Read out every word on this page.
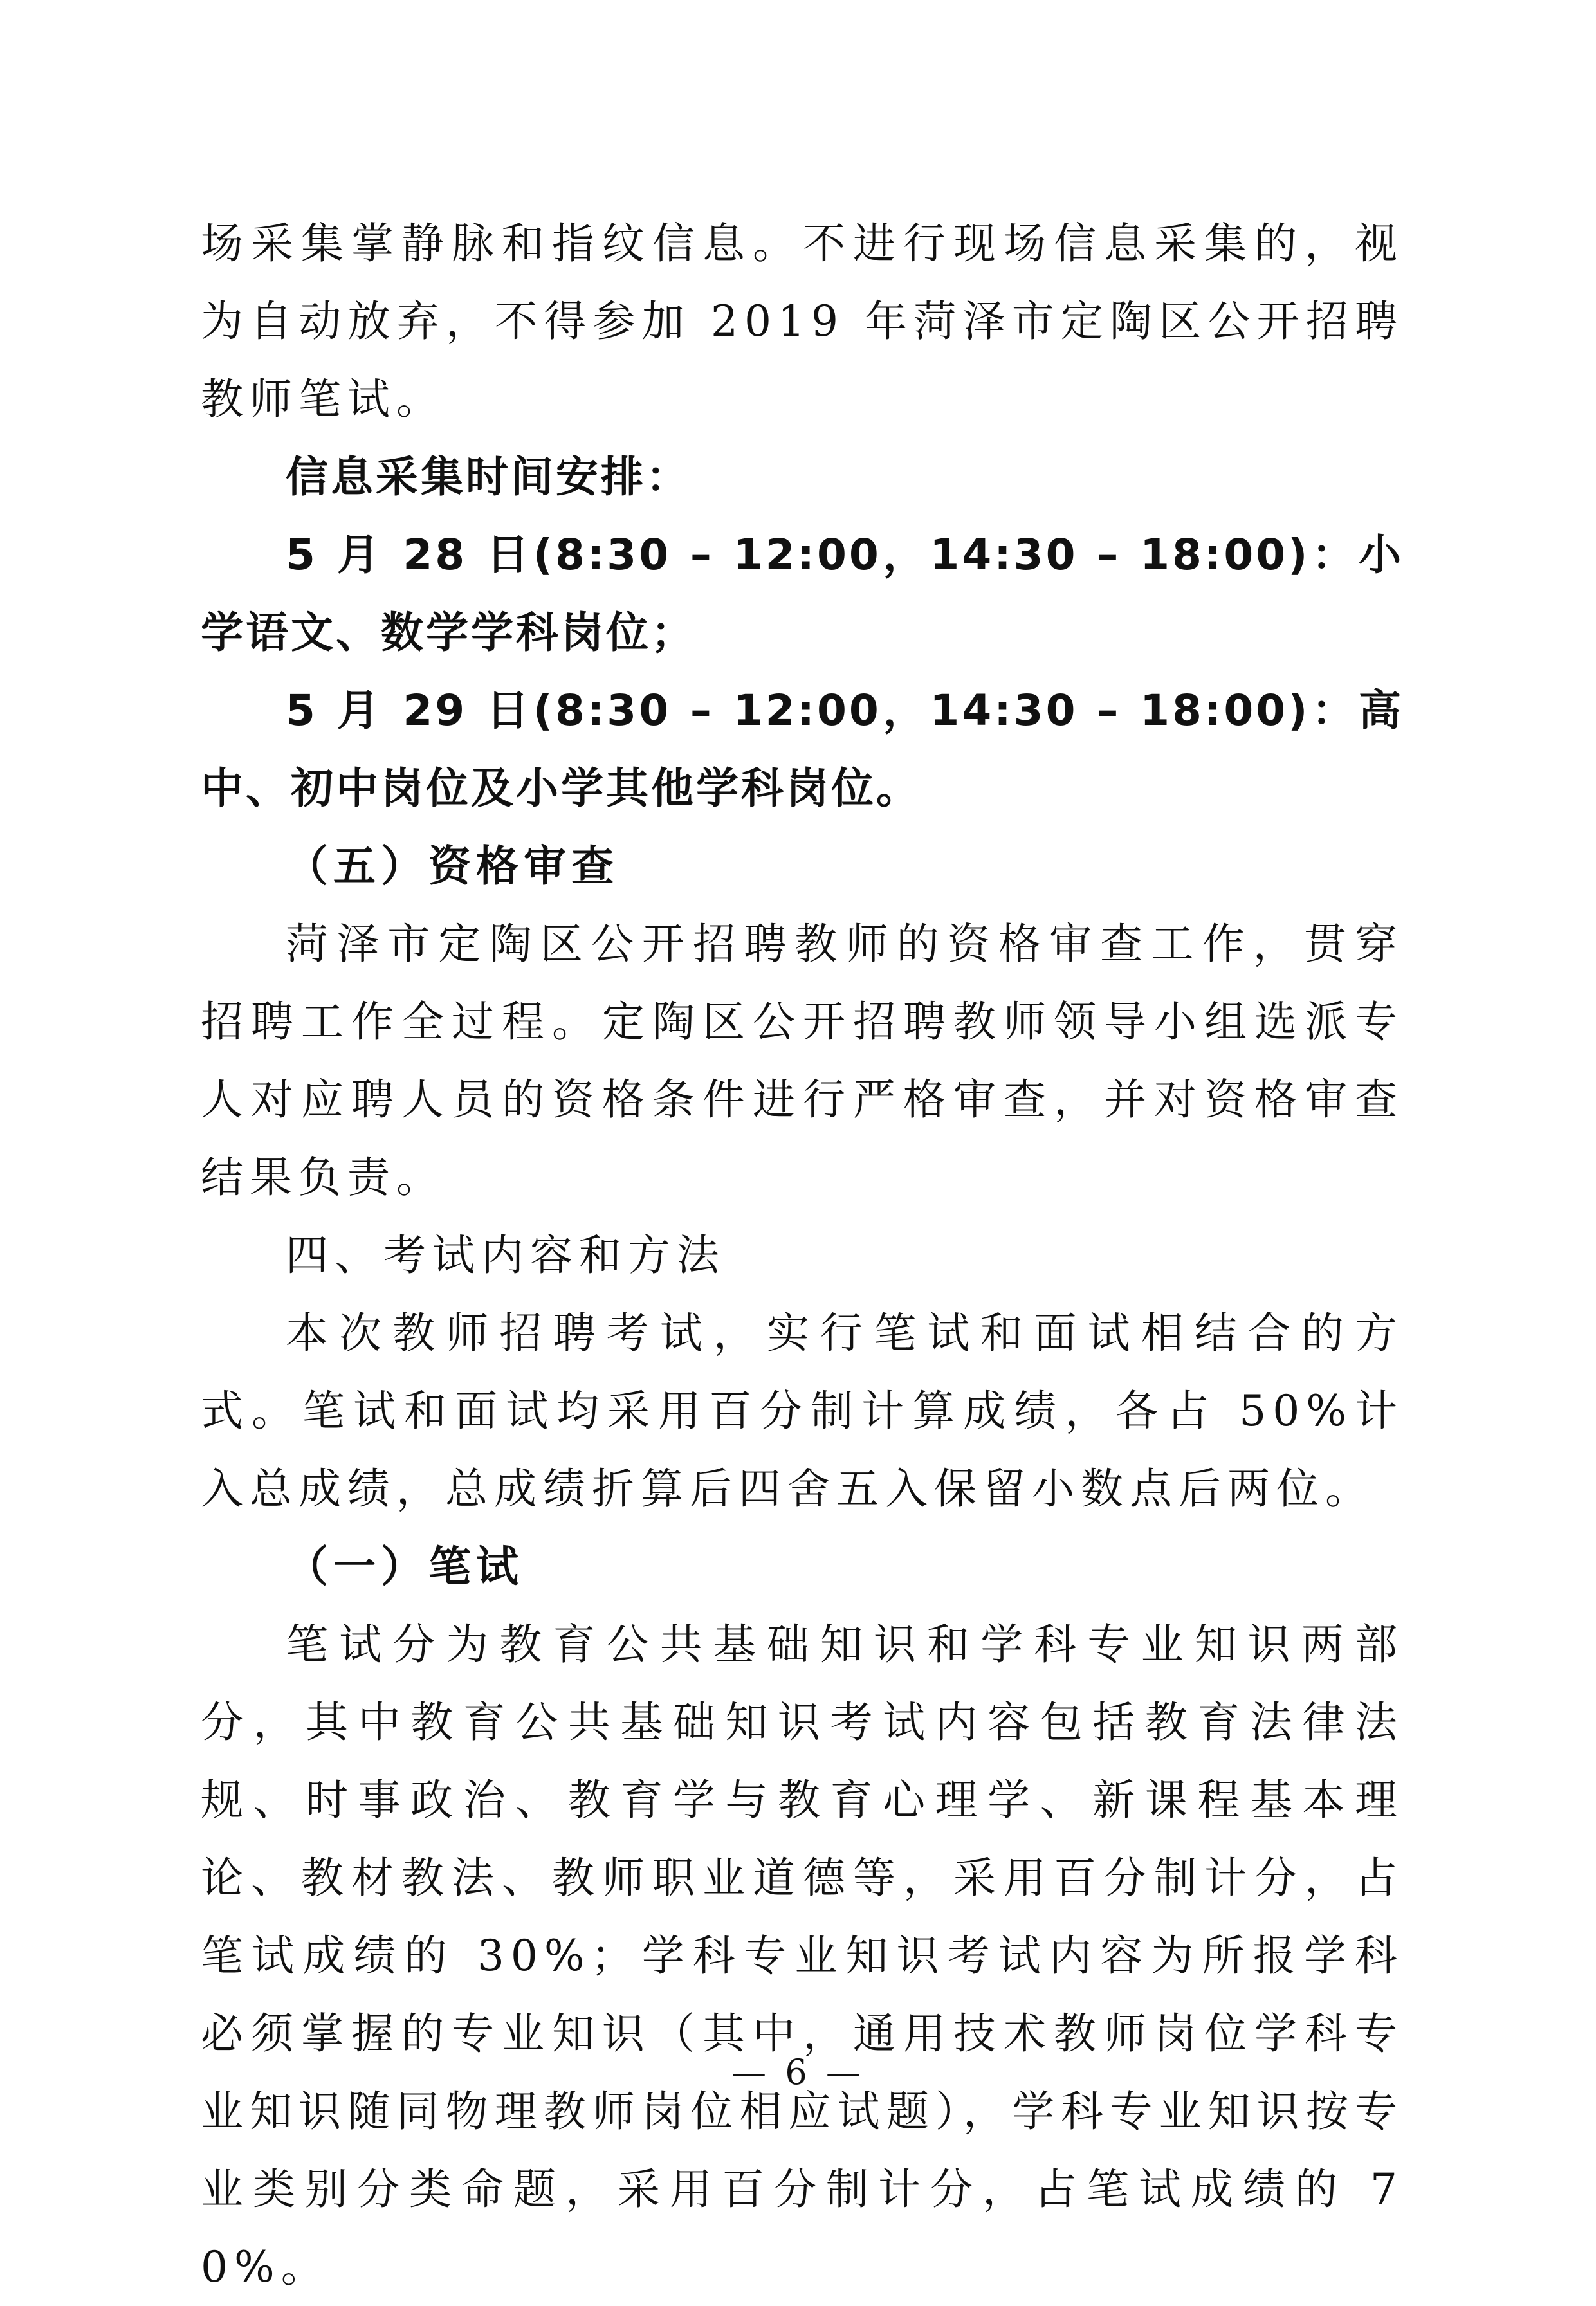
场采集掌静脉和指纹信息。不进行现场信息采集的，视为自动放弃，不得参加 2019 年菏泽市定陶区公开招聘教师笔试。

信息采集时间安排：

5 月 28 日(8:30 – 12:00，14:30 – 18:00)：小学语文、数学学科岗位；

5 月 29 日(8:30 – 12:00，14:30 – 18:00)：高中、初中岗位及小学其他学科岗位。

（五）资格审查

菏泽市定陶区公开招聘教师的资格审查工作，贯穿招聘工作全过程。定陶区公开招聘教师领导小组选派专人对应聘人员的资格条件进行严格审查，并对资格审查结果负责。

四、考试内容和方法

本次教师招聘考试，实行笔试和面试相结合的方式。笔试和面试均采用百分制计算成绩，各占 50%计入总成绩，总成绩折算后四舍五入保留小数点后两位。

（一）笔试

笔试分为教育公共基础知识和学科专业知识两部分，其中教育公共基础知识考试内容包括教育法律法规、时事政治、教育学与教育心理学、新课程基本理论、教材教法、教师职业道德等，采用百分制计分，占笔试成绩的 30%；学科专业知识考试内容为所报学科必须掌握的专业知识（其中，通用技术教师岗位学科专业知识随同物理教师岗位相应试题），学科专业知识按专业类别分类命题，采用百分制计分，占笔试成绩的 70%。

— 6 —
